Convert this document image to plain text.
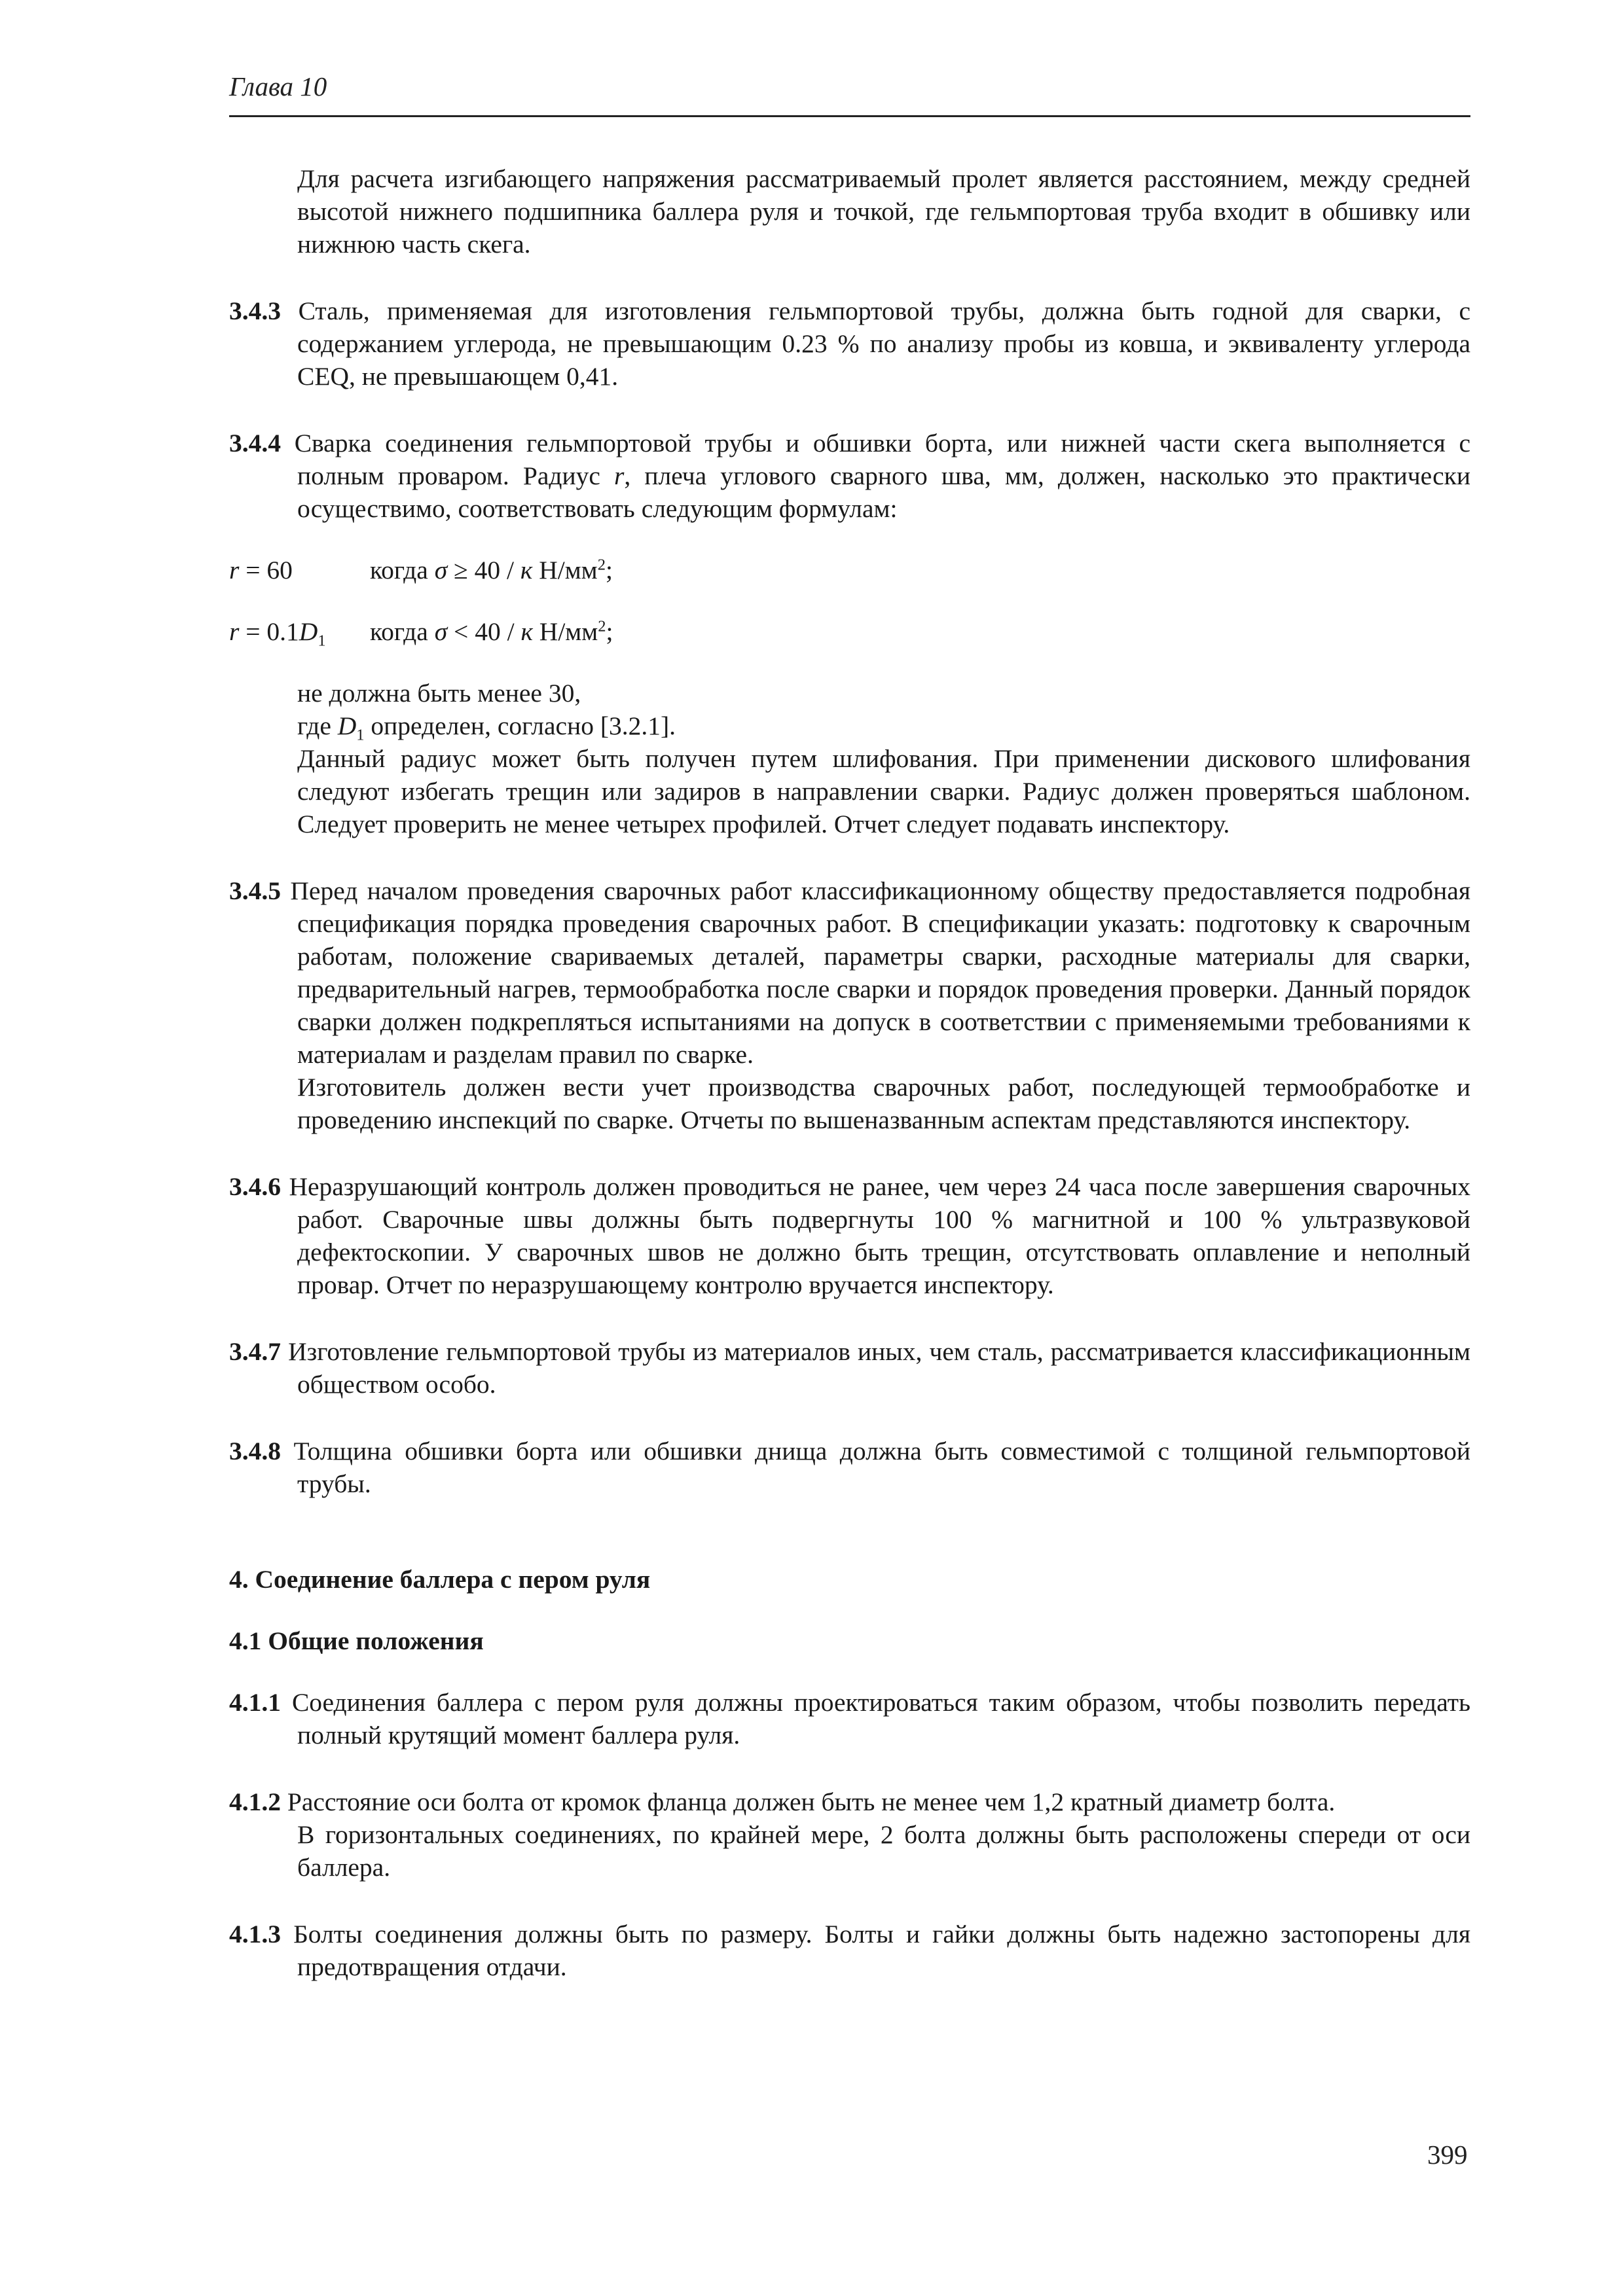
Глава 10

Для расчета изгибающего напряжения рассматриваемый пролет является расстоянием, между средней высотой нижнего подшипника баллера руля и точкой, где гельмпортовая труба входит в обшивку или нижнюю часть скега.

3.4.3 Сталь, применяемая для изготовления гельмпортовой трубы, должна быть годной для сварки, с содержанием углерода, не превышающим 0.23 % по анализу пробы из ковша, и эквиваленту углерода CEQ, не превышающем 0,41.

3.4.4 Сварка соединения гельмпортовой трубы и обшивки борта, или нижней части скега выполняется с полным проваром. Радиус r, плеча углового сварного шва, мм, должен, насколько это практически осуществимо, соответствовать следующим формулам:

r = 60	когда σ ≥ 40 / к $Н/мм^2$;
$r = 0.1D_1$ когда σ < 40 / к $Н/мм^2$;

не должна быть менее 30,

где $D_1$ определен, согласно [3.2.1].

Данный радиус может быть получен путем шлифования. При применении дискового шлифования следуют избегать трещин или задиров в направлении сварки. Радиус должен проверяться шаблоном. Следует проверить не менее четырех профилей. Отчет следует подавать инспектору.

3.4.5 Перед началом проведения сварочных работ классификационному обществу предоставляется подробная спецификация порядка проведения сварочных работ. В спецификации указать: подготовку к сварочным работам, положение свариваемых деталей, параметры сварки, расходные материалы для сварки, предварительный нагрев, термообработка после сварки и порядок проведения проверки. Данный порядок сварки должен подкрепляться испытаниями на допуск в соответствии с применяемыми требованиями к материалам и разделам правил по сварке.

Изготовитель должен вести учет производства сварочных работ, последующей термообработке и проведению инспекций по сварке. Отчеты по вышеназванным аспектам представляются инспектору.

3.4.6 Неразрушающий контроль должен проводиться не ранее, чем через 24 часа после завершения сварочных работ. Сварочные швы должны быть подвергнуты 100 % магнитной и 100 % ультразвуковой дефектоскопии. У сварочных швов не должно быть трещин, отсутствовать оплавление и неполный провар. Отчет по неразрушающему контролю вручается инспектору.

3.4.7 Изготовление гельмпортовой трубы из материалов иных, чем сталь, рассматривается классификационным обществом особо.

3.4.8 Толщина обшивки борта или обшивки днища должна быть совместимой с толщиной гельмпортовой трубы.

4. Соединение баллера с пером руля

4.1 Общие положения

4.1.1 Соединения баллера с пером руля должны проектироваться таким образом, чтобы позволить передать полный крутящий момент баллера руля.

4.1.2 Расстояние оси болта от кромок фланца должен быть не менее чем 1,2 кратный диаметр болта.

В горизонтальных соединениях, по крайней мере, 2 болта должны быть расположены спереди от оси баллера.

4.1.3 Болты соединения должны быть по размеру. Болты и гайки должны быть надежно застопорены для предотвращения отдачи.

399
